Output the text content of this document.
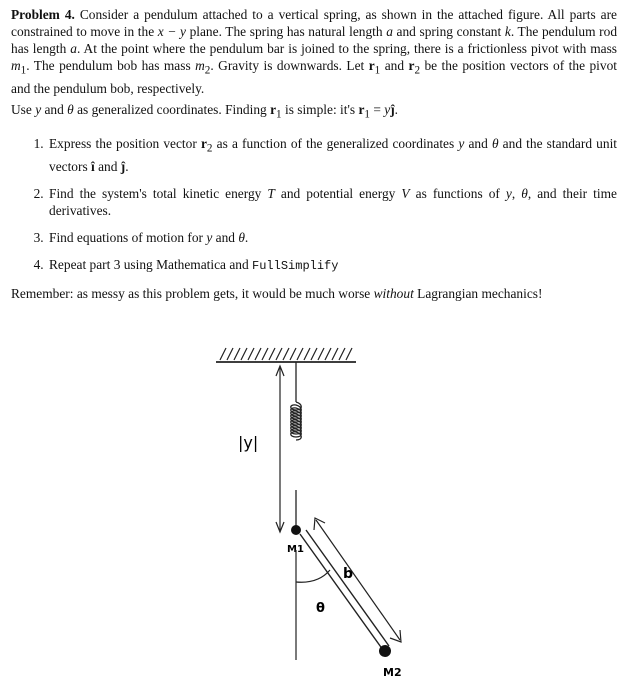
Problem 4. Consider a pendulum attached to a vertical spring, as shown in the attached figure. All parts are constrained to move in the x − y plane. The spring has natural length a and spring constant k. The pendulum rod has length a. At the point where the pendulum bar is joined to the spring, there is a frictionless pivot with mass $m_1$. The pendulum bob has mass $m_2$. Gravity is downwards. Let $r_1$ and $r_2$ be the position vectors of the pivot and the pendulum bob, respectively.

Use y and θ as generalized coordinates. Finding $r_1$ is simple: it's $r_1$ = yĵ.

1. Express the position vector $r_2$ as a function of the generalized coordinates y and θ and the standard unit vectors î and ĵ.
2. Find the system's total kinetic energy T and potential energy V as functions of y, θ, and their time derivatives.
3. Find equations of motion for y and θ.
4. Repeat part 3 using Mathematica and FullSimplify

Remember: as messy as this problem gets, it would be much worse without Lagrangian mechanics!

|y|
M1
b
θ
M2
